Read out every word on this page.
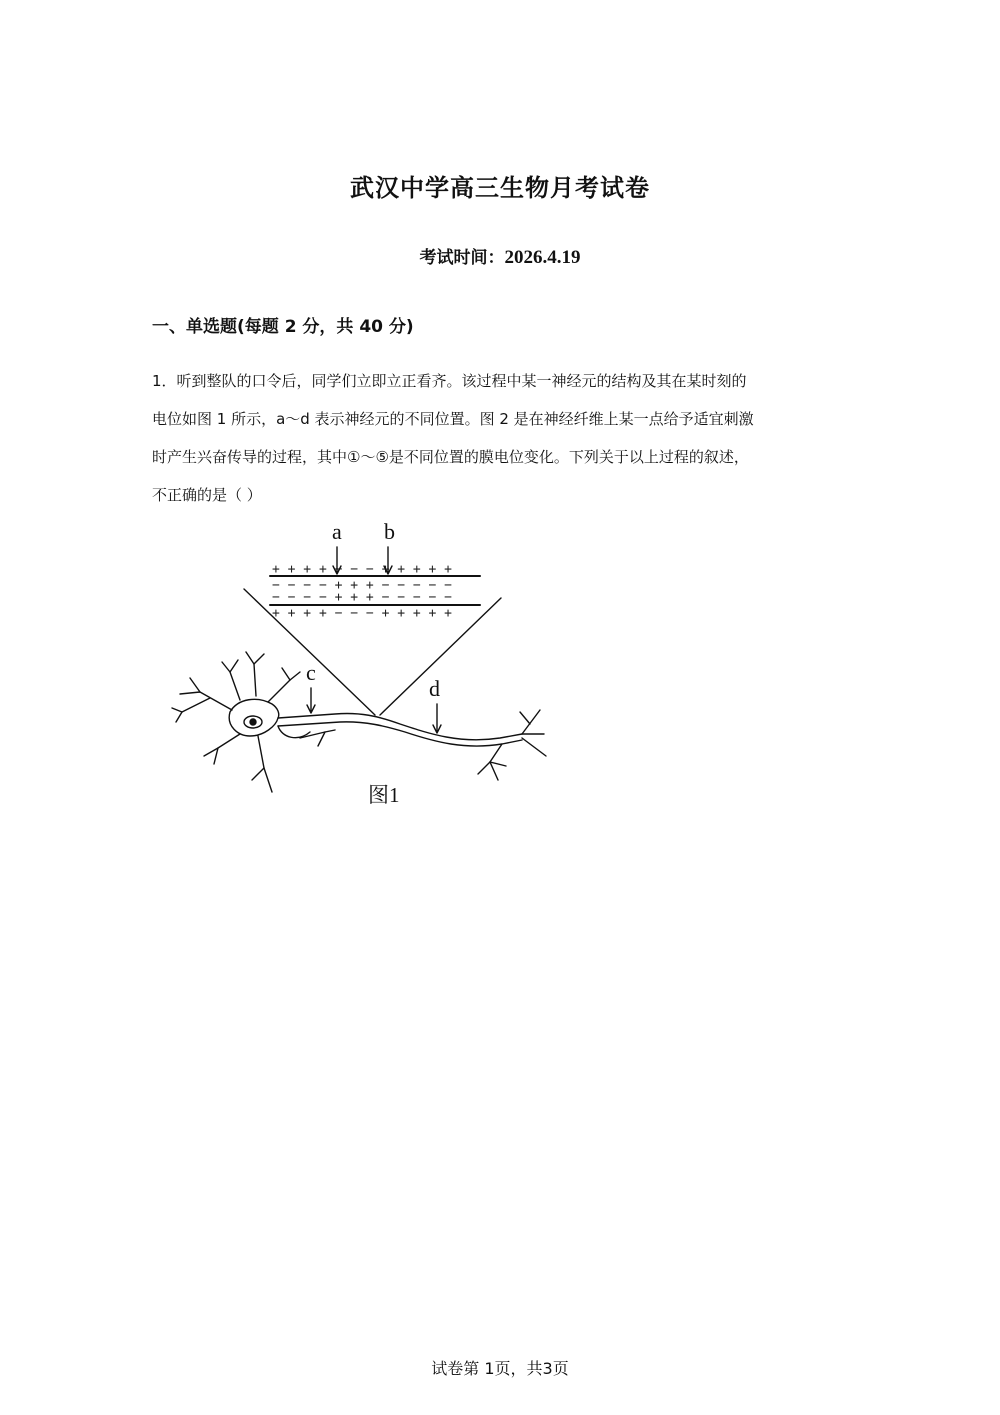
武汉中学高三生物月考试卷
考试时间：2026.4.19
一、单选题(每题 2 分，共 40 分)

1．听到整队的口令后，同学们立即立正看齐。该过程中某一神经元的结构及其在某时刻的

电位如图 1 所示，a～d 表示神经元的不同位置。图 2 是在神经纤维上某一点给予适宜刺激

时产生兴奋传导的过程，其中①～⑤是不同位置的膜电位变化。下列关于以上过程的叙述，

不正确的是（ ）

+ + + + − − − + + + + +
− − − − + + + − − − − −
− − − − + + + − − − − −
+ + + + − − − + + + + +
a b
c
d
图1
试卷第 1页，共3页
